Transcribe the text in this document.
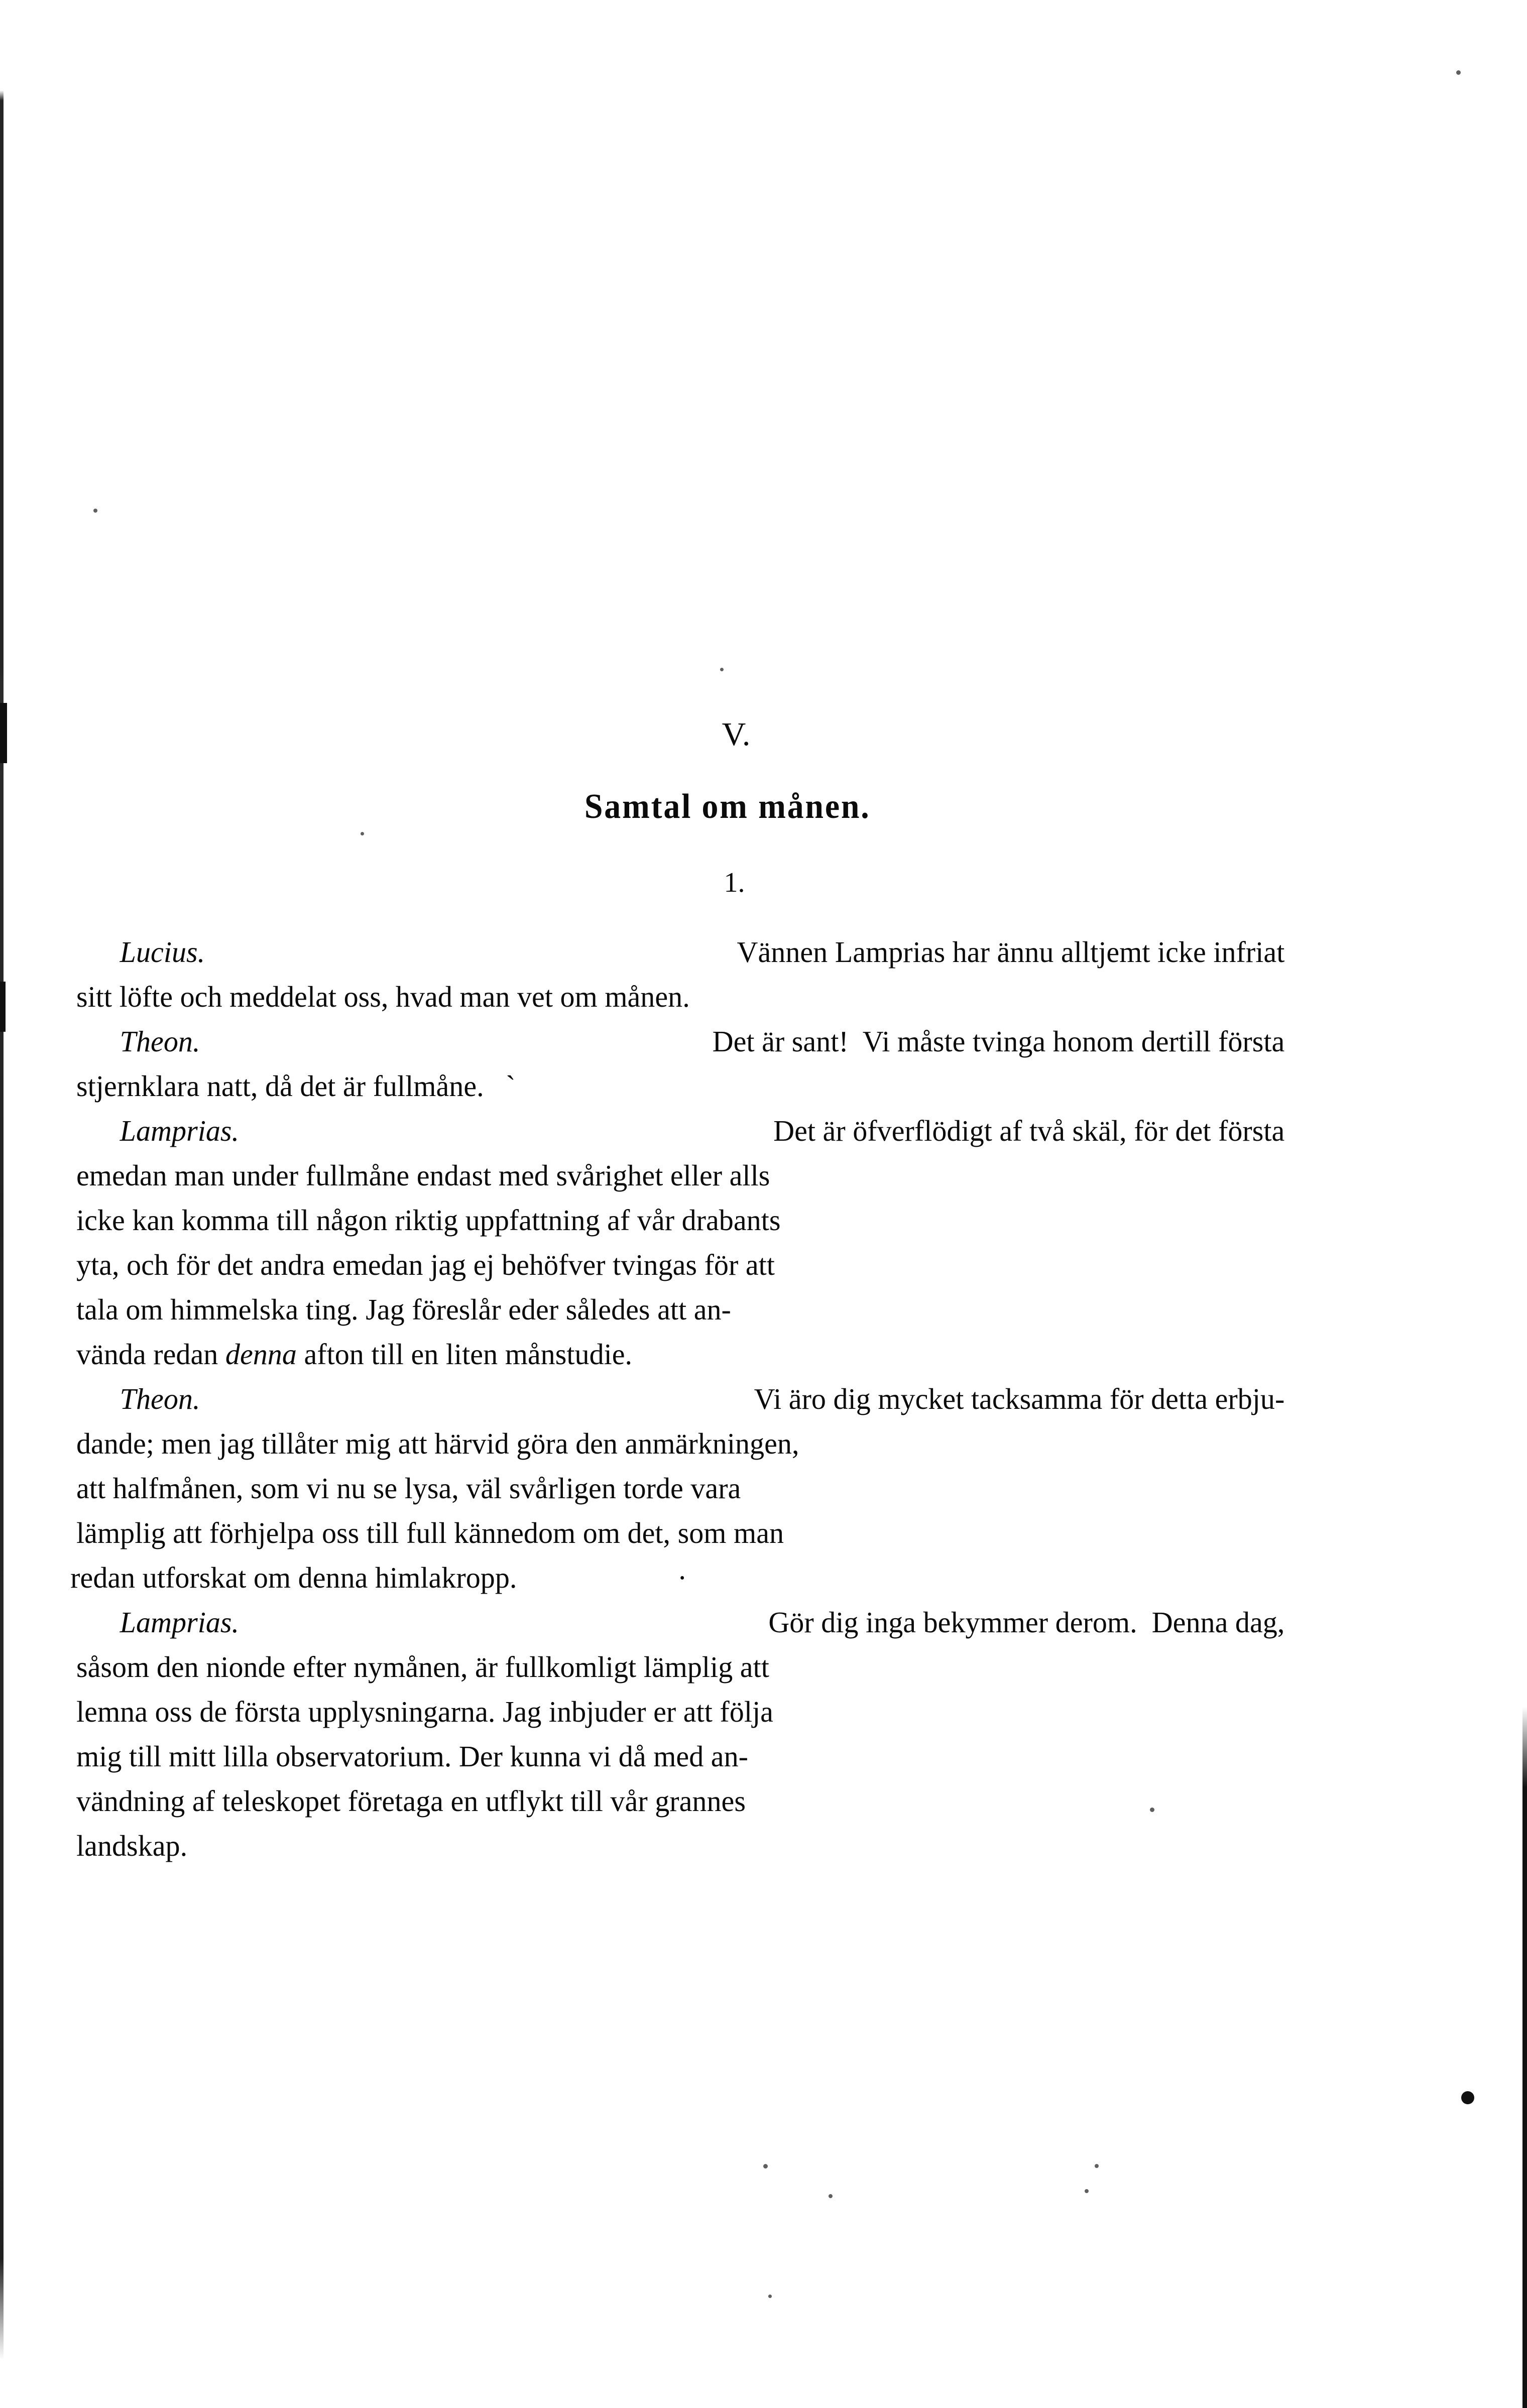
V.
Samtal om månen.
1.

Lucius.	Vännen Lamprias har ännu alltjemt icke infriat
sitt löfte och meddelat oss, hvad man vet om månen.

Theon.	Det är sant!  Vi måste tvinga honom dertill första
stjernklara natt, då det är fullmåne.   ˋ

Lamprias.	Det är öfverflödigt af två skäl, för det första
emedan man under fullmåne endast med svårighet eller alls
icke kan komma till någon riktig uppfattning af vår drabants
yta, och för det andra emedan jag ej behöfver tvingas för att
tala om himmelska ting. Jag föreslår eder således att an-
vända redan denna afton till en liten månstudie.

Theon.	Vi äro dig mycket tacksamma för detta erbju-
dande; men jag tillåter mig att härvid göra den anmärkningen,
att halfmånen, som vi nu se lysa, väl svårligen torde vara
lämplig att förhjelpa oss till full kännedom om det, som man
redan utforskat om denna himlakropp.                      ·

Lamprias.	Gör dig inga bekymmer derom.  Denna dag,
såsom den nionde efter nymånen, är fullkomligt lämplig att
lemna oss de första upplysningarna. Jag inbjuder er att följa
mig till mitt lilla observatorium. Der kunna vi då med an-
vändning af teleskopet företaga en utflykt till vår grannes
landskap.
